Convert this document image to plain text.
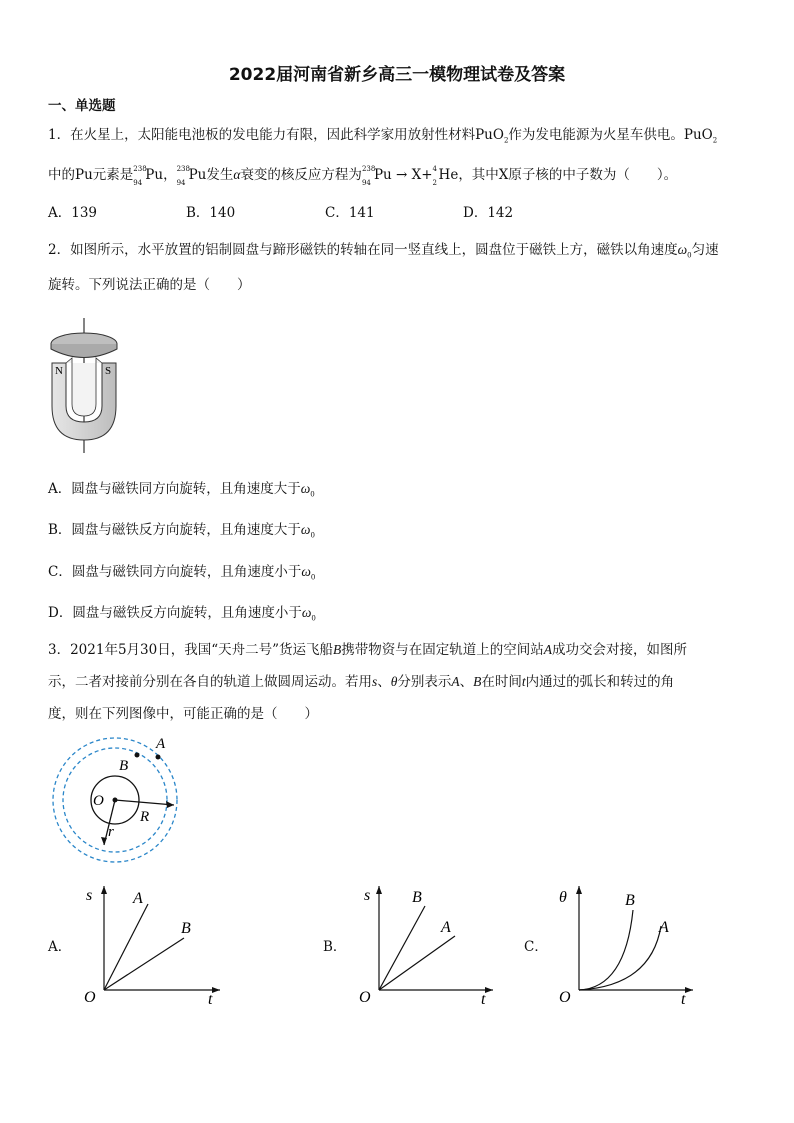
2022届河南省新乡高三一模物理试卷及答案
一、单选题
1．在火星上，太阳能电池板的发电能力有限，因此科学家用放射性材料PuO$_2$作为发电能源为火星车供电。PuO$_2$
中的Pu元素是 238
94 Pu， 238
94 Pu发生α衰变的核反应方程为 238
94 Pu → X+ 4
2 He，其中X原子核的中子数为（　　）。
A．139	B．140	C．141	D．142
2．如图所示，水平放置的铝制圆盘与蹄形磁铁的转轴在同一竖直线上，圆盘位于磁铁上方，磁铁以角速度$\omega_0$匀速
旋转。下列说法正确的是（　　）
N	S
A．圆盘与磁铁同方向旋转，且角速度大于$\omega_0$
B．圆盘与磁铁反方向旋转，且角速度大于$\omega_0$
C．圆盘与磁铁同方向旋转，且角速度小于$\omega_0$
D．圆盘与磁铁反方向旋转，且角速度小于$\omega_0$
3．2021年5月30日，我国“天舟二号”货运飞船B携带物资与在固定轨道上的空间站A成功交会对接，如图所
示，二者对接前分别在各自的轨道上做圆周运动。若用s、θ分别表示A、B在时间t内通过的弧长和转过的角
度，则在下列图像中，可能正确的是（　　）
A
B
O
R
r
A．
s
t
O
A
B
B．
s
t
O
B
A
C．
θ
t
O
B
A
